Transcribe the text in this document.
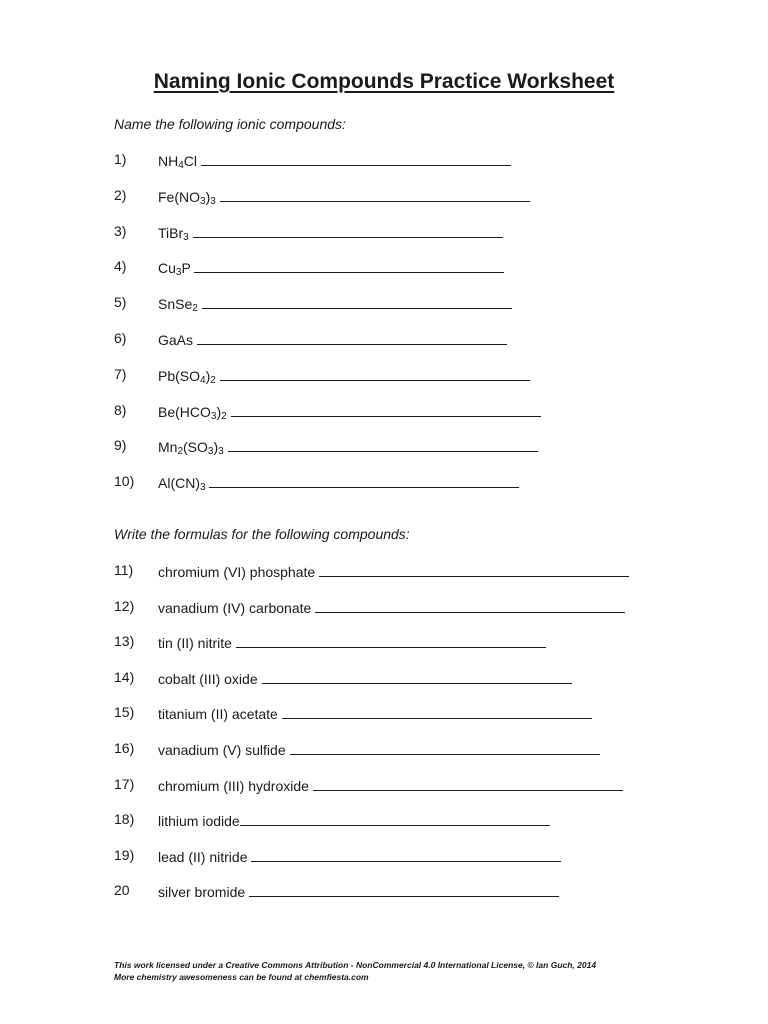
Naming Ionic Compounds Practice Worksheet
Name the following ionic compounds:
1) $NH_4Cl$
2) $Fe(NO_3)_3$
3) TiBr$_3$
4) $Cu_3P$
5) SnSe$_2$
6) GaAs
7) $Pb(SO_4)_2$
8) $Be(HCO_3)_2$
9) $Mn_2(SO_3)_3$
10) $Al(CN)_3$
Write the formulas for the following compounds:
11) chromium (VI) phosphate
12) vanadium (IV) carbonate
13) tin (II) nitrite
14) cobalt (III) oxide
15) titanium (II) acetate
16) vanadium (V) sulfide
17) chromium (III) hydroxide
18) lithium iodide
19) lead (II) nitride
20 silver bromide
This work licensed under a Creative Commons Attribution - NonCommercial 4.0 International License, © Ian Guch, 2014
More chemistry awesomeness can be found at chemfiesta.com
